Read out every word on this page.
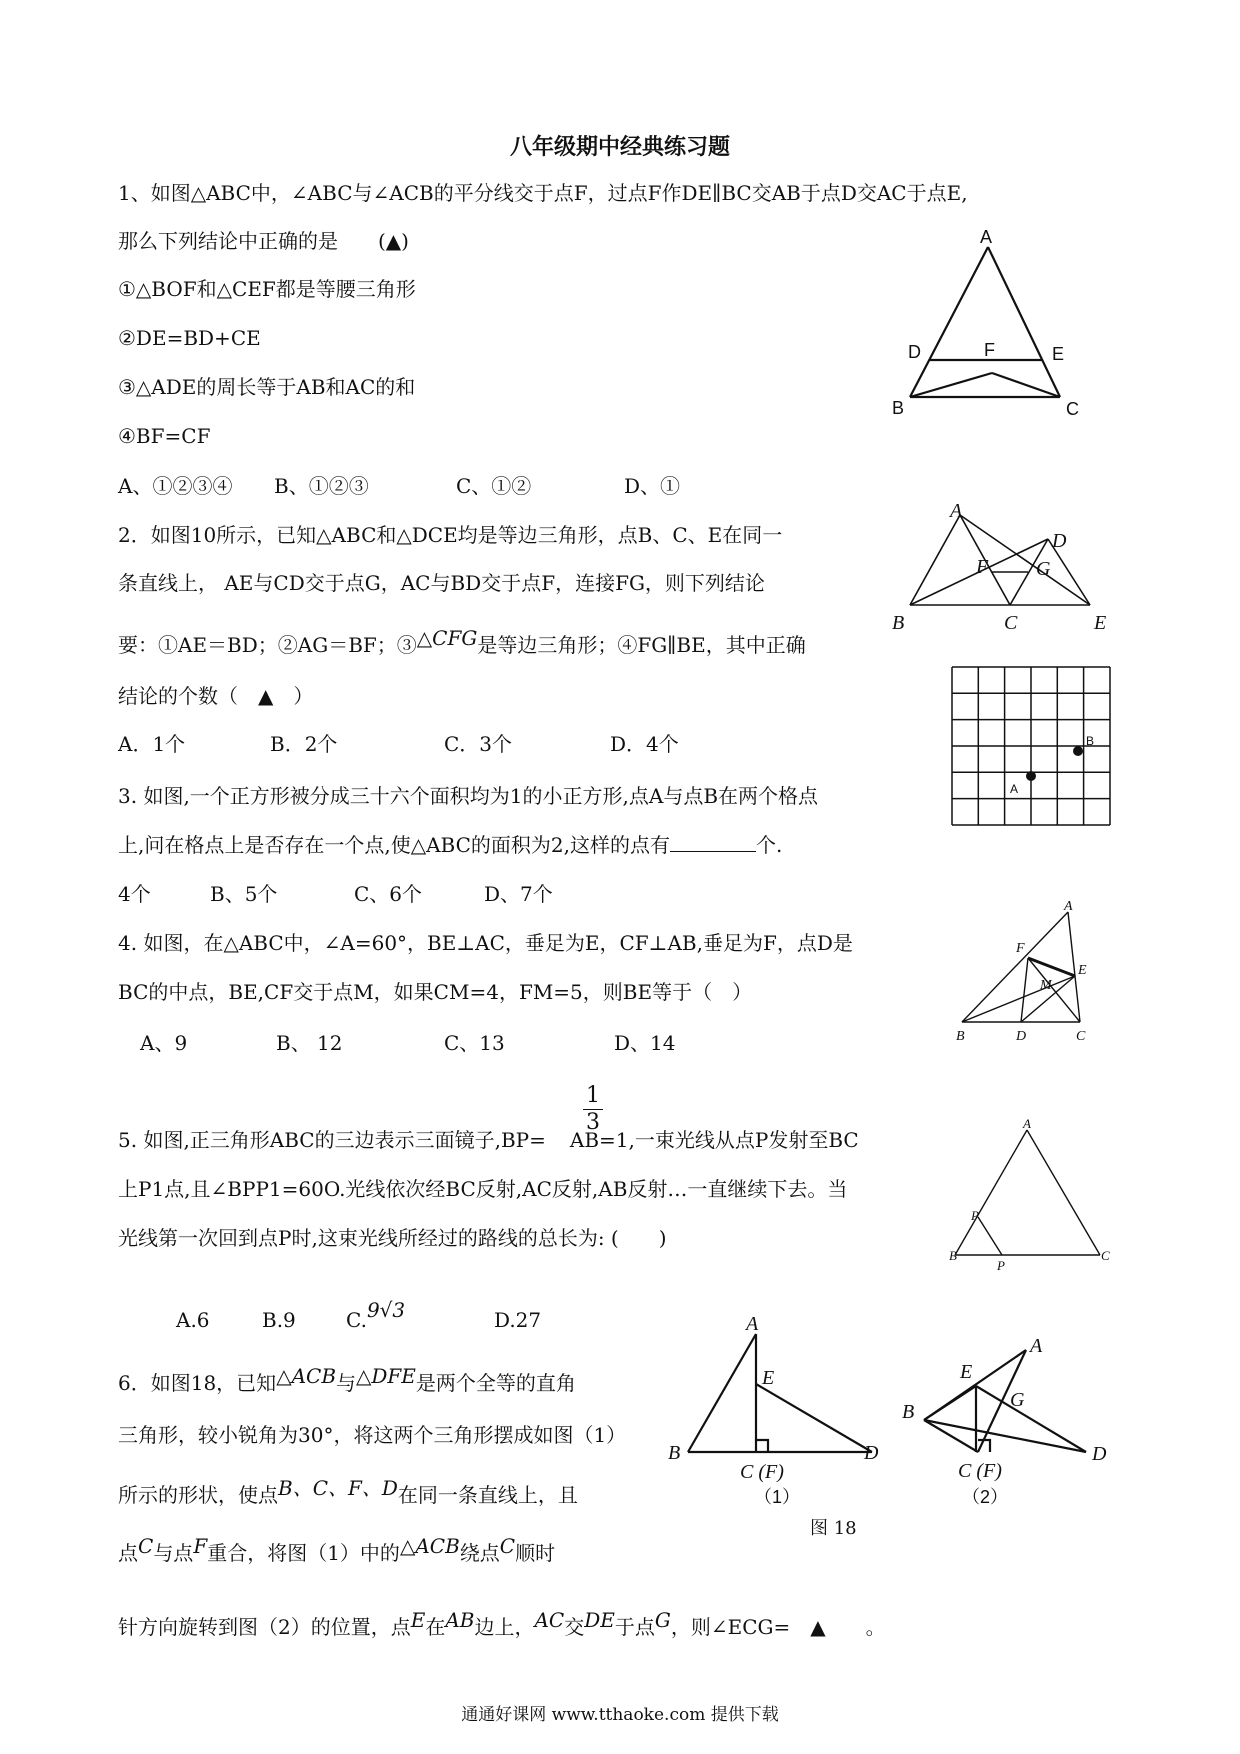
八年级期中经典练习题
1、如图△ABC中，∠ABC与∠ACB的平分线交于点F，过点F作DE∥BC交AB于点D交AC于点E,
那么下列结论中正确的是　　(▲)
①△BOF和△CEF都是等腰三角形
②DE=BD+CE
③△ADE的周长等于AB和AC的和
④BF=CF
A、①②③④ B、①②③	C、①②	D、①
A
D	F	E
B	C
2．如图10所示，已知△ABC和△DCE均是等边三角形，点B、C、E在同一
条直线上， AE与CD交于点G，AC与BD交于点F，连接FG，则下列结论
要：①AE＝BD；②AG＝BF；③△CFG是等边三角形；④FG∥BE，其中正确
结论的个数（　▲　）
A．1个	B．2个	C．3个	D．4个
A
D
F G
B	C	E
3. 如图,一个正方形被分成三十六个面积均为1的小正方形,点A与点B在两个格点
上,问在格点上是否存在一个点,使△ABC的面积为2,这样的点有	个.
4个	B、5个	C、6个	D、7个
A
B
4. 如图，在△ABC中，∠A=60°，BE⊥AC，垂足为E，CF⊥AB,垂足为F，点D是
BC的中点，BE,CF交于点M，如果CM=4，FM=5，则BE等于（　）
A、9	B、 12	C、13	D、14
A
F
E
M
B	D	C
$\frac{1}{3}$
5. 如图,正三角形ABC的三边表示三面镜子,BP= AB=1,一束光线从点P发射至BC
上P1点,且∠BPP1=60O.光线依次经BC反射,AC反射,AB反射…一直继续下去。当
光线第一次回到点P时,这束光线所经过的路线的总长为: (　　)
A.6	B.9	C.9√3	D.27
A
P
B
P
C
6．如图18，已知△ACB与△DFE是两个全等的直角
三角形，较小锐角为30°，将这两个三角形摆成如图（1）
所示的形状，使点B、C、F、D在同一条直线上，且
点C与点F重合，将图（1）中的△ACB绕点C顺时
针方向旋转到图（2）的位置，点E在AB边上，AC交DE于点G，则∠ECG=　▲　　。
A
E
B
C (F)
D
（1）
图 18
E
A
G
B
C (F)
D
（2）
通通好课网 www.tthaoke.com 提供下载
